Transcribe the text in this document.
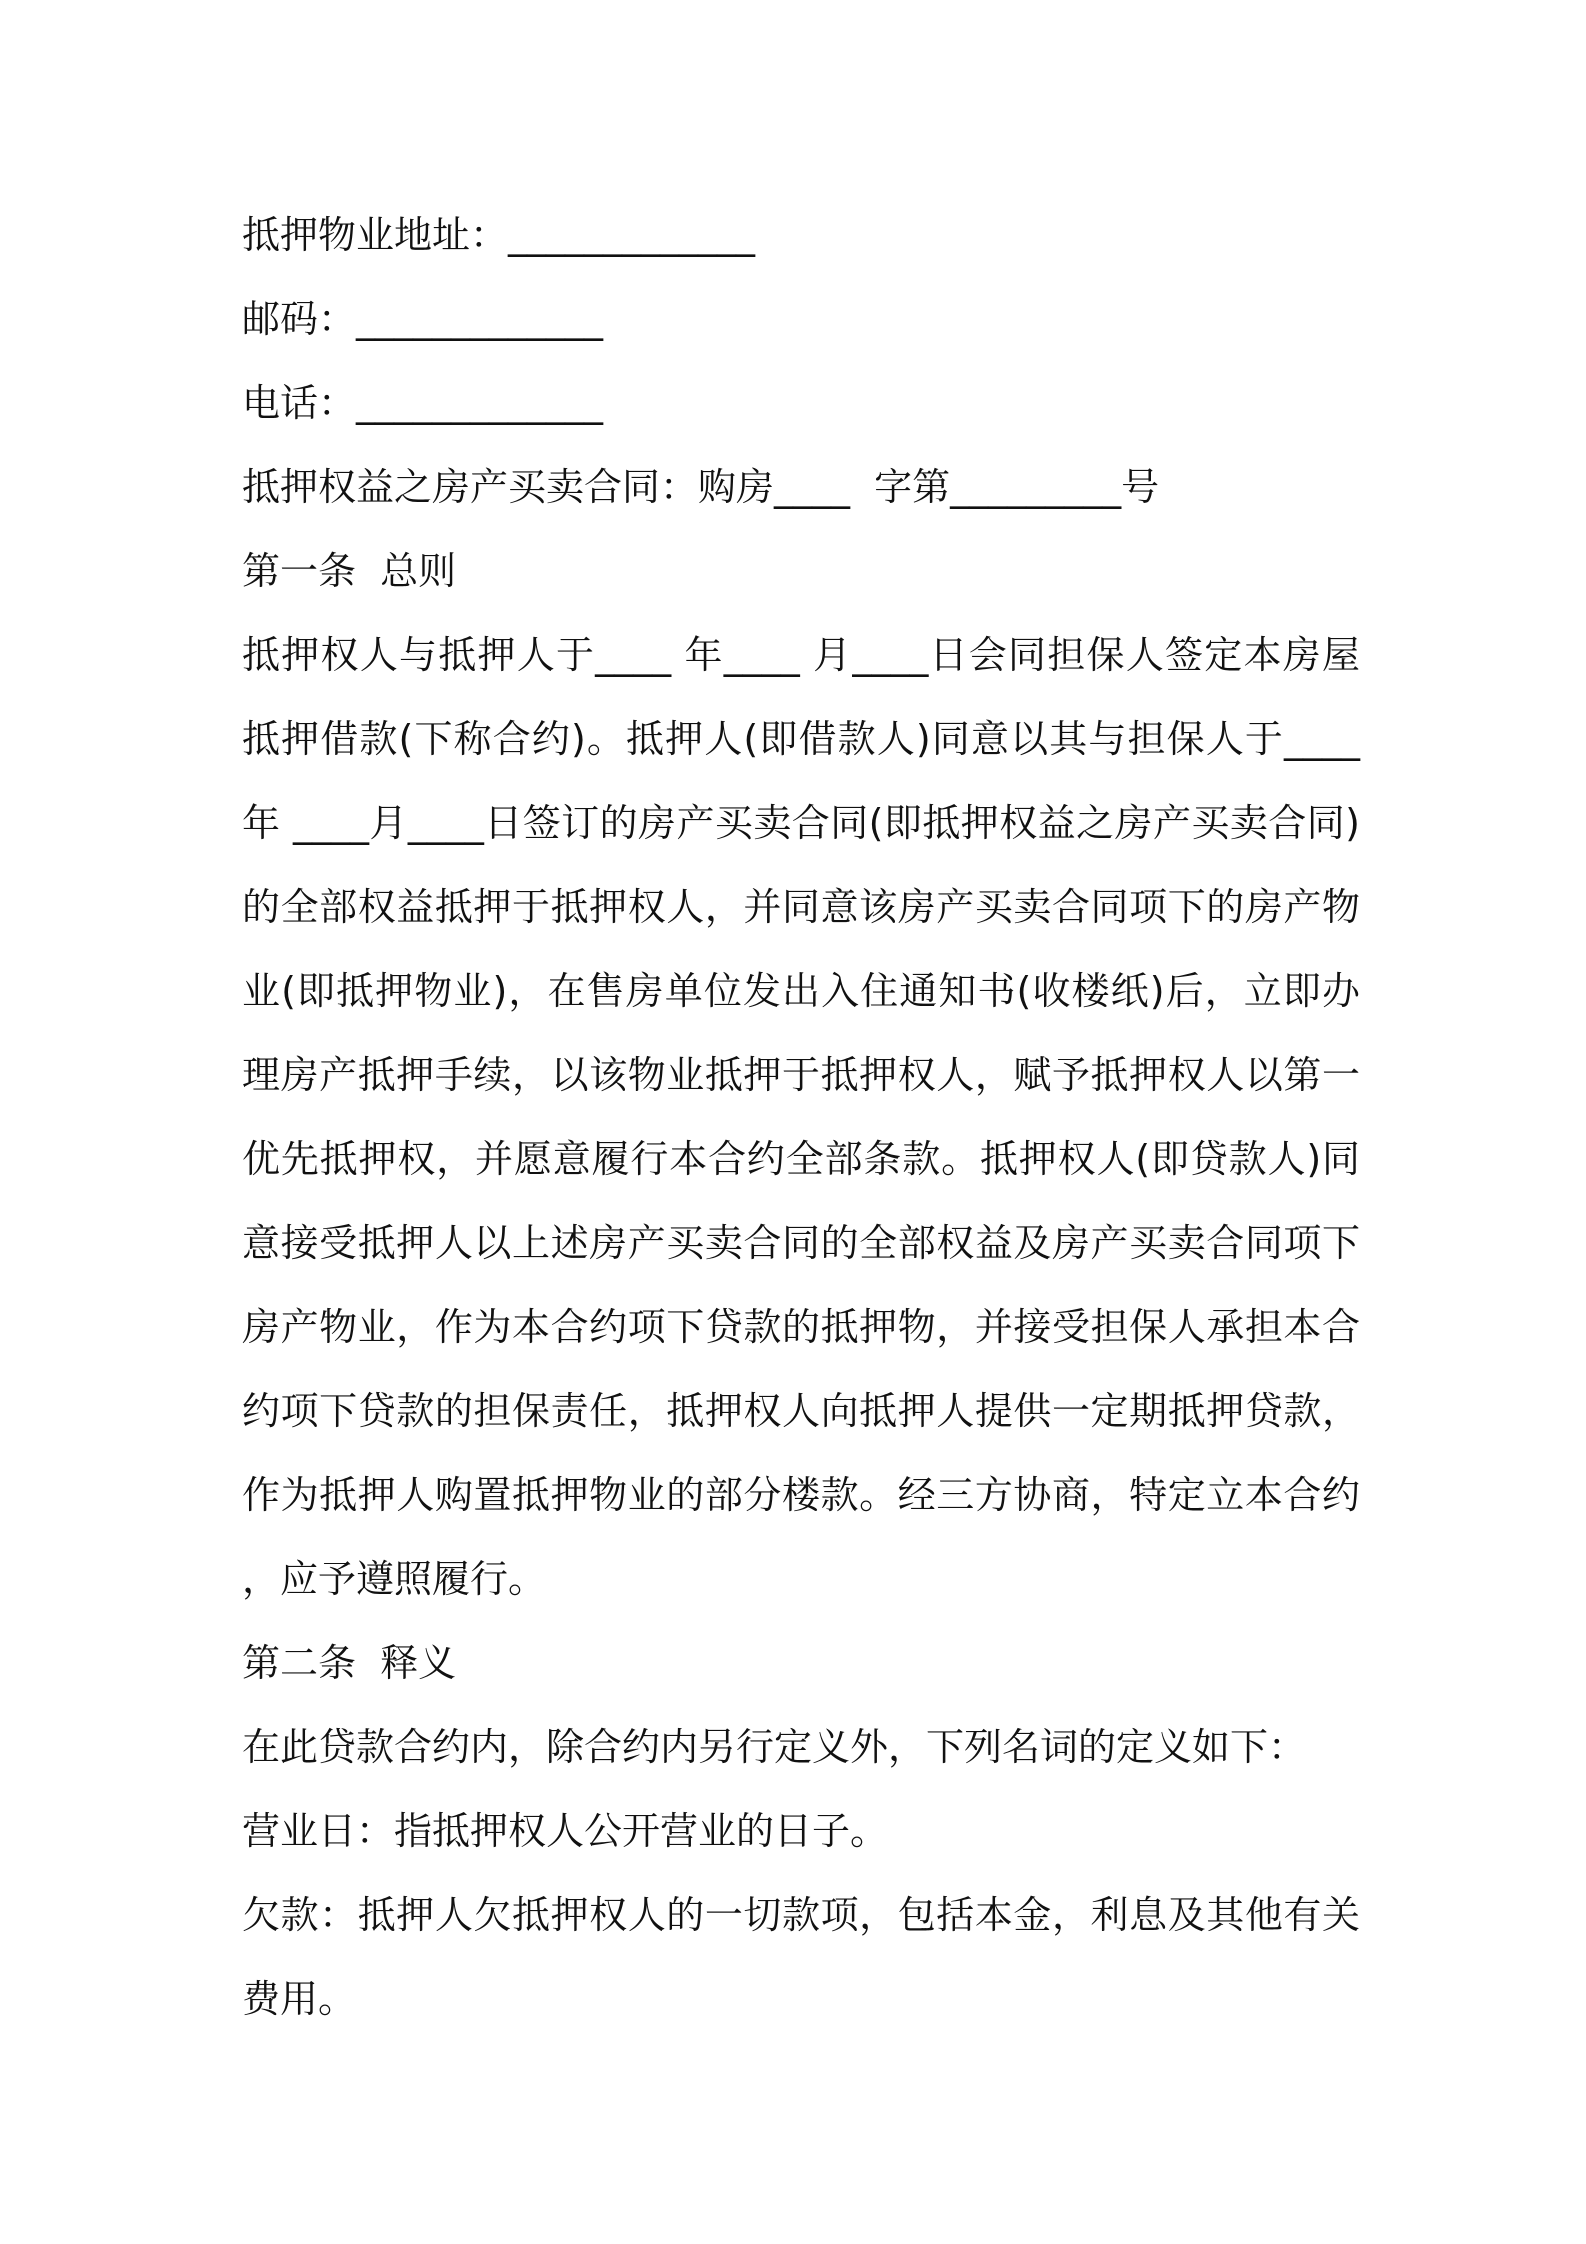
抵押物业地址：_____________
邮码：_____________
电话：_____________
抵押权益之房产买卖合同：购房____  字第_________号
第一条  总则
抵押权人与抵押人于____ 年____ 月____日会同担保人签定本房屋抵押借款(下称合约)。抵押人(即借款人)同意以其与担保人于____年 ____月____日签订的房产买卖合同(即抵押权益之房产买卖合同)的全部权益抵押于抵押权人，并同意该房产买卖合同项下的房产物业(即抵押物业)，在售房单位发出入住通知书(收楼纸)后，立即办理房产抵押手续，以该物业抵押于抵押权人，赋予抵押权人以第一优先抵押权，并愿意履行本合约全部条款。抵押权人(即贷款人)同意接受抵押人以上述房产买卖合同的全部权益及房产买卖合同项下房产物业，作为本合约项下贷款的抵押物，并接受担保人承担本合约项下贷款的担保责任，抵押权人向抵押人提供一定期抵押贷款，作为抵押人购置抵押物业的部分楼款。经三方协商，特定立本合约，应予遵照履行。
第二条  释义
在此贷款合约内，除合约内另行定义外，下列名词的定义如下：
营业日：指抵押权人公开营业的日子。
欠款：抵押人欠抵押权人的一切款项，包括本金，利息及其他有关费用。
